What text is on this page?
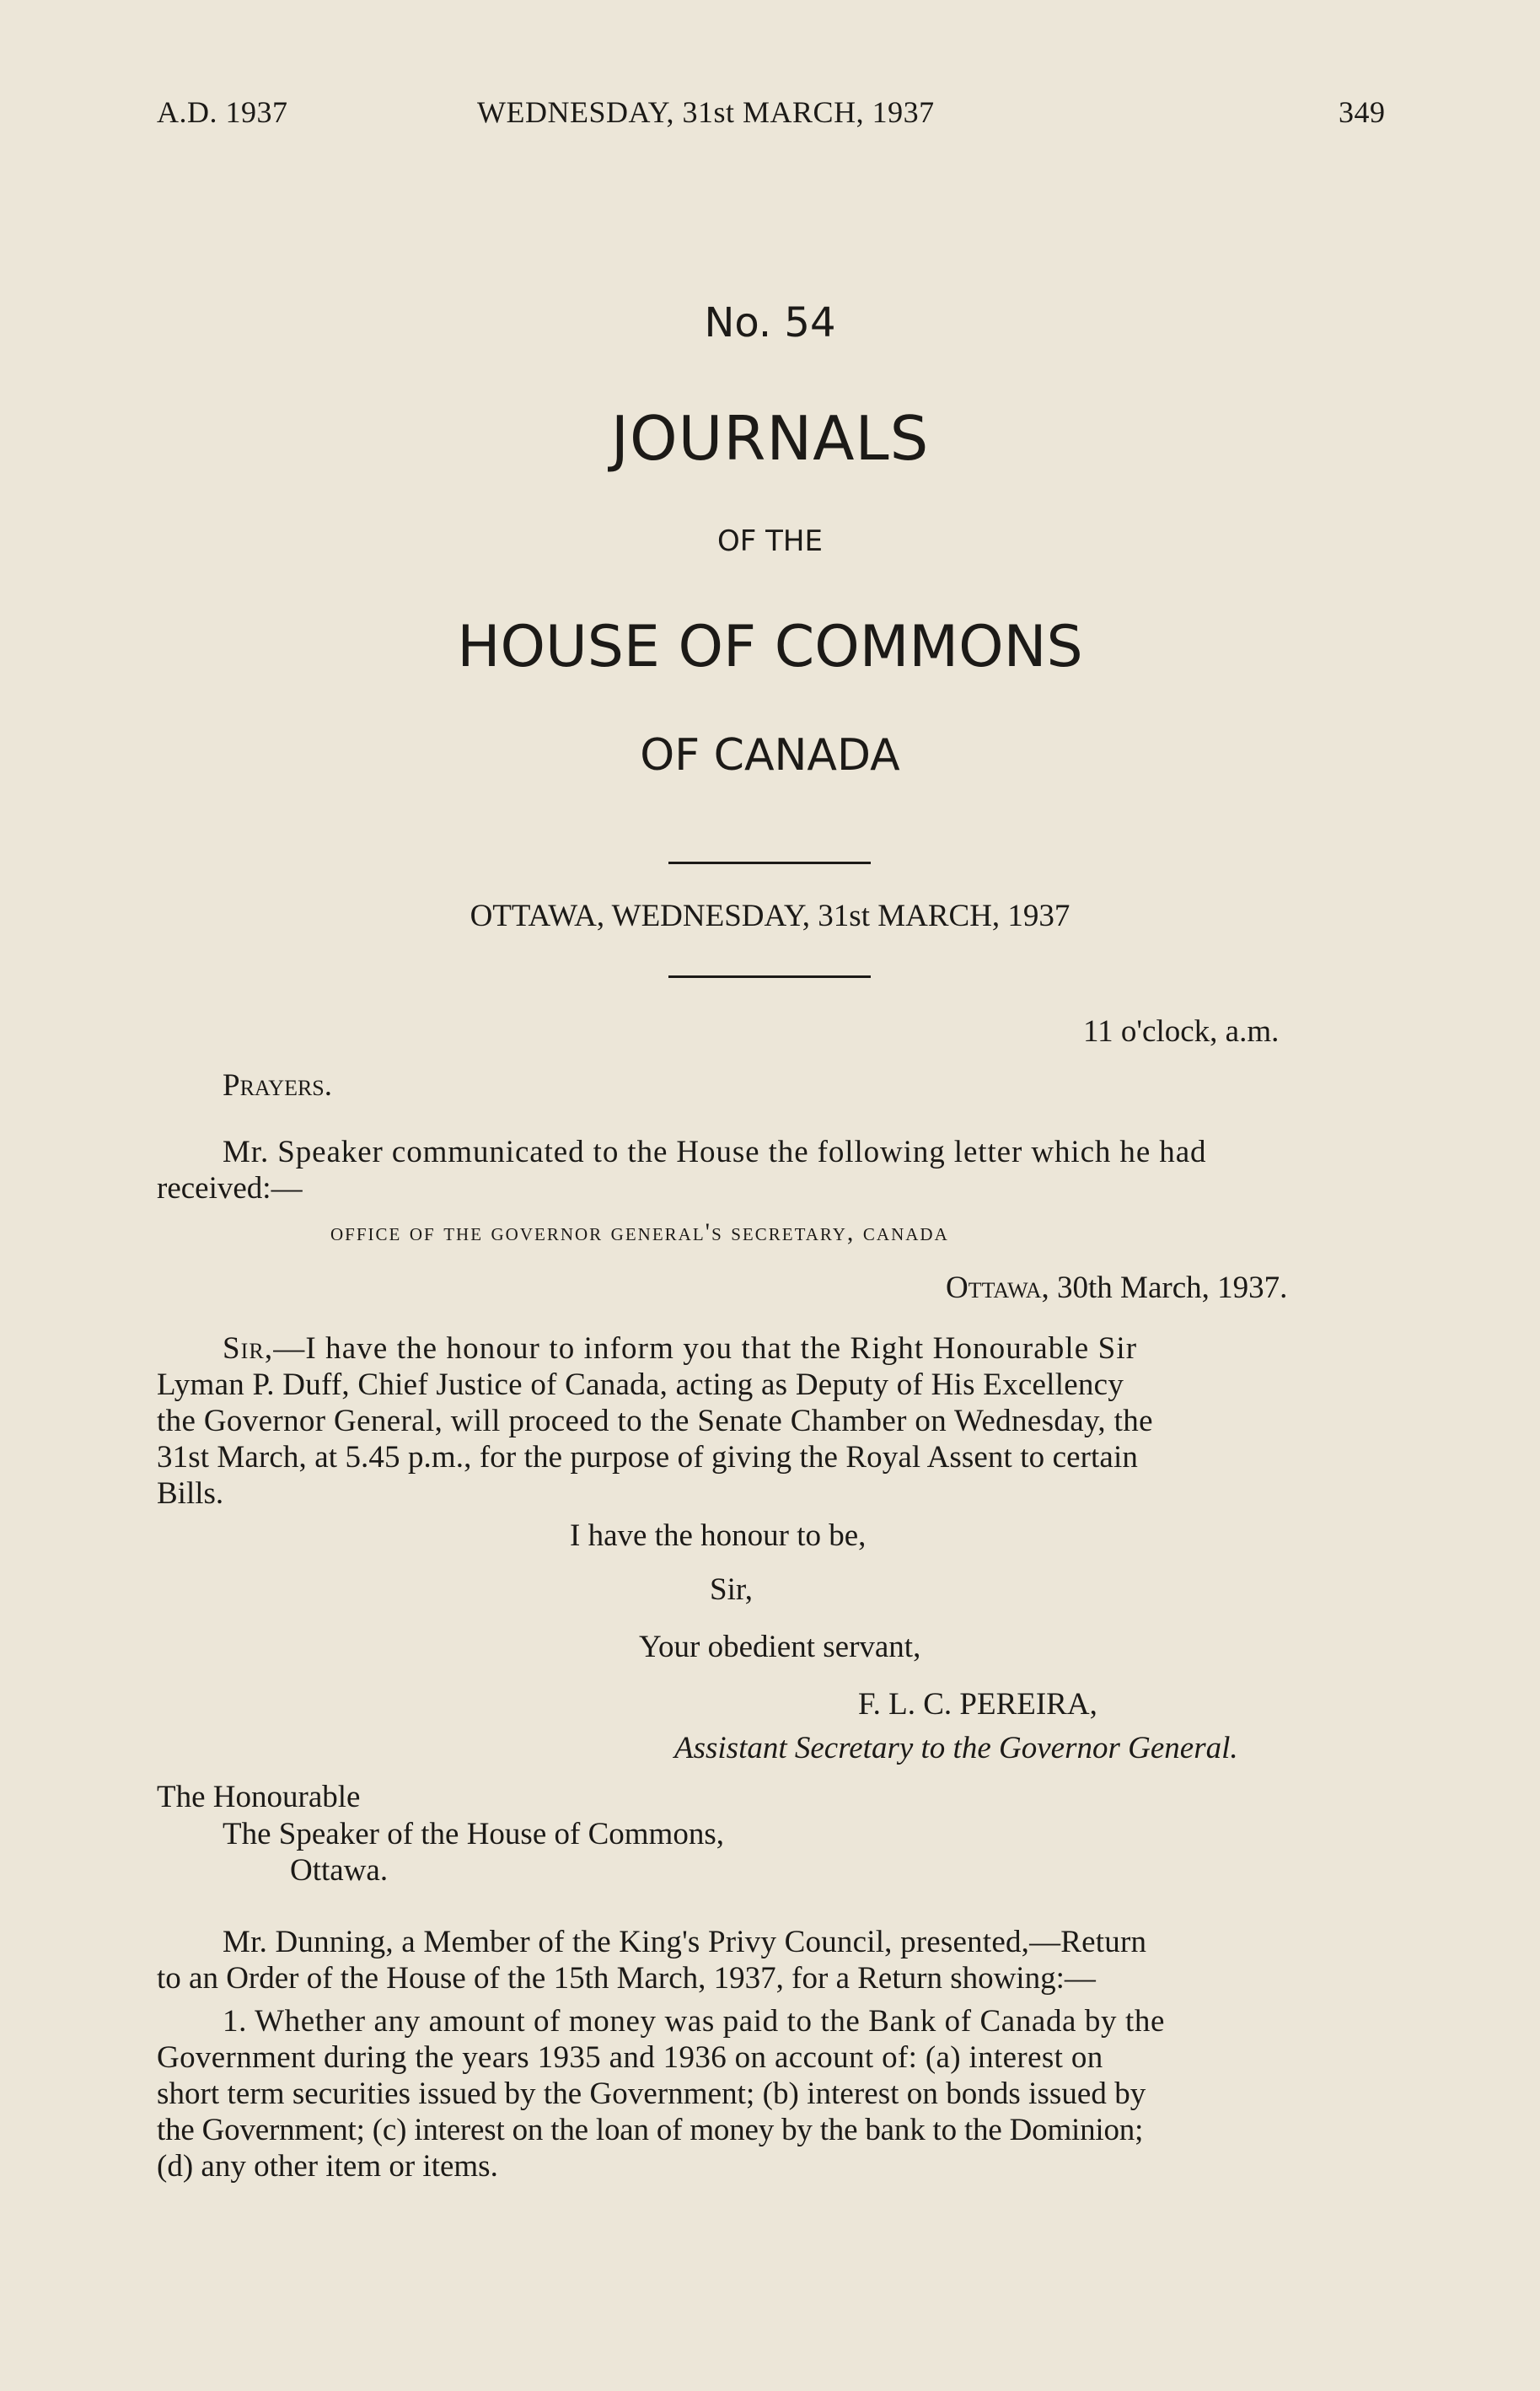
A.D. 1937	WEDNESDAY, 31st MARCH, 1937	349
No. 54
JOURNALS
OF THE
HOUSE OF COMMONS
OF CANADA
OTTAWA, WEDNESDAY, 31st MARCH, 1937
11 o'clock, a.m.
Prayers.
Mr. Speaker communicated to the House the following letter which he had
received:—
office of the governor general's secretary, canada
Ottawa, 30th March, 1937.
Sir,—I have the honour to inform you that the Right Honourable Sir
Lyman P. Duff, Chief Justice of Canada, acting as Deputy of His Excellency
the Governor General, will proceed to the Senate Chamber on Wednesday, the
31st March, at 5.45 p.m., for the purpose of giving the Royal Assent to certain
Bills.
I have the honour to be,
Sir,
Your obedient servant,
F. L. C. PEREIRA,
Assistant Secretary to the Governor General.
The Honourable
The Speaker of the House of Commons,
Ottawa.
Mr. Dunning, a Member of the King's Privy Council, presented,—Return
to an Order of the House of the 15th March, 1937, for a Return showing:—
1. Whether any amount of money was paid to the Bank of Canada by the
Government during the years 1935 and 1936 on account of: (a) interest on
short term securities issued by the Government; (b) interest on bonds issued by
the Government; (c) interest on the loan of money by the bank to the Dominion;
(d) any other item or items.
